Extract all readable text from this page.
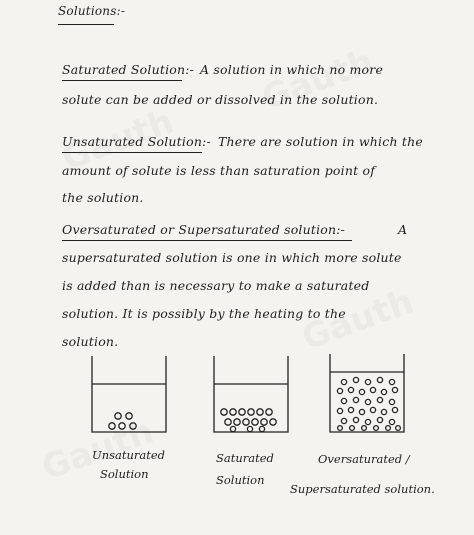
Solutions:-
Saturated Solution:- A solution in which no more
solute can be added or dissolved in the solution.
Unsaturated Solution:- There are solution in which the
amount of solute is less than saturation point of
the solution.
Oversaturated or Supersaturated solution:-	A
supersaturated solution is one in which more solute
is added than is necessary to make a saturated
solution. It is possibly by the heating to the
solution.
Unsaturated
Solution
Saturated
Solution
Oversaturated /
Supersaturated solution.
